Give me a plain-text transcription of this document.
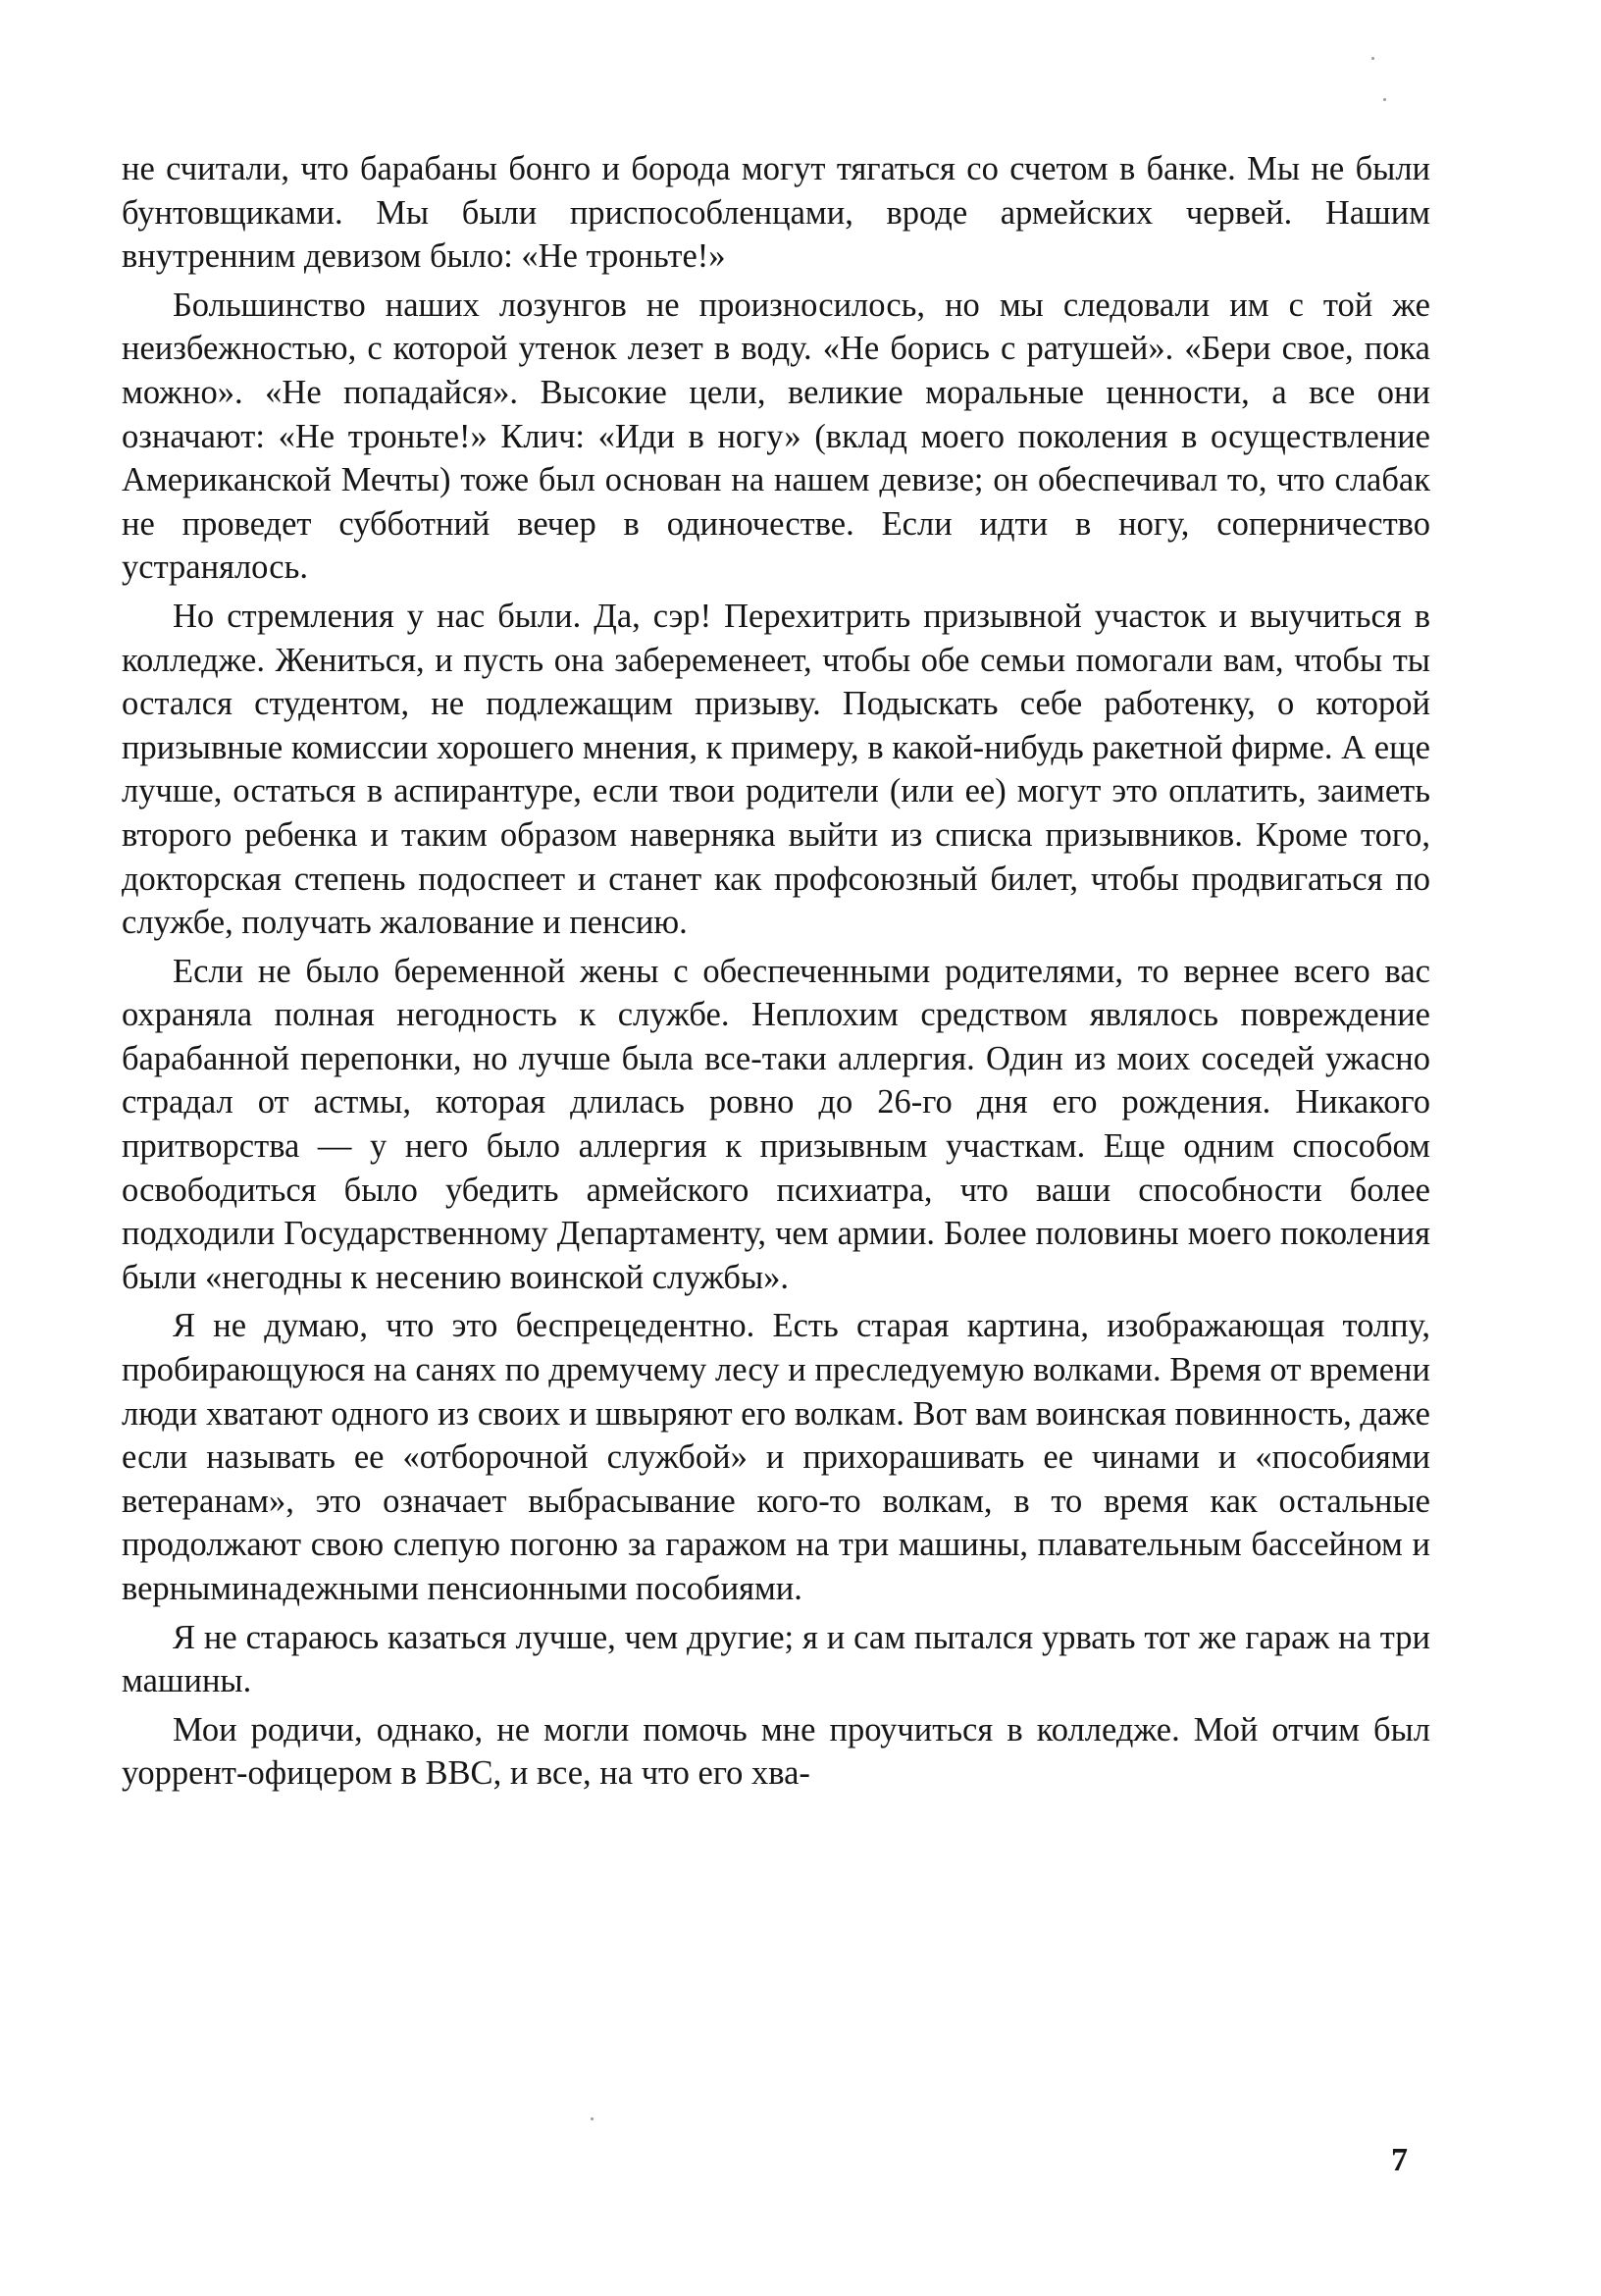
не считали, что барабаны бонго и борода могут тягаться со счетом в банке. Мы не были бунтовщиками. Мы были приспособленцами, вроде армейских червей. Нашим внутренним девизом было: «Не троньте!»

Большинство наших лозунгов не произносилось, но мы следовали им с той же неизбежностью, с которой утенок лезет в воду. «Не борись с ратушей». «Бери свое, пока можно». «Не попадайся». Высокие цели, великие моральные ценности, а все они означают: «Не троньте!» Клич: «Иди в ногу» (вклад моего поколения в осуществление Американской Мечты) тоже был основан на нашем девизе; он обеспечивал то, что слабак не проведет субботний вечер в одиночестве. Если идти в ногу, соперничество устранялось.

Но стремления у нас были. Да, сэр! Перехитрить призывной участок и выучиться в колледже. Жениться, и пусть она забеременеет, чтобы обе семьи помогали вам, чтобы ты остался студентом, не подлежащим призыву. Подыскать себе работенку, о которой призывные комиссии хорошего мнения, к примеру, в какой-нибудь ракетной фирме. А еще лучше, остаться в аспирантуре, если твои родители (или ее) могут это оплатить, заиметь второго ребенка и таким образом наверняка выйти из списка призывников. Кроме того, докторская степень подоспеет и станет как профсоюзный билет, чтобы продвигаться по службе, получать жалование и пенсию.

Если не было беременной жены с обеспеченными родителями, то вернее всего вас охраняла полная негодность к службе. Неплохим средством являлось повреждение барабанной перепонки, но лучше была все-таки аллергия. Один из моих соседей ужасно страдал от астмы, которая длилась ровно до 26-го дня его рождения. Никакого притворства — у него было аллергия к призывным участкам. Еще одним способом освободиться было убедить армейского психиатра, что ваши способности более подходили Государственному Департаменту, чем армии. Более половины моего поколения были «негодны к несению воинской службы».

Я не думаю, что это беспрецедентно. Есть старая картина, изображающая толпу, пробирающуюся на санях по дремучему лесу и преследуемую волками. Время от времени люди хватают одного из своих и швыряют его волкам. Вот вам воинская повинность, даже если называть ее «отборочной службой» и прихорашивать ее чинами и «пособиями ветеранам», это означает выбрасывание кого-то волкам, в то время как остальные продолжают свою слепую погоню за гаражом на три машины, плавательным бассейном и верныминадежными пенсионными пособиями.

Я не стараюсь казаться лучше, чем другие; я и сам пытался урвать тот же гараж на три машины.

Мои родичи, однако, не могли помочь мне проучиться в колледже. Мой отчим был уоррент-офицером в ВВС, и все, на что его хва-

7
